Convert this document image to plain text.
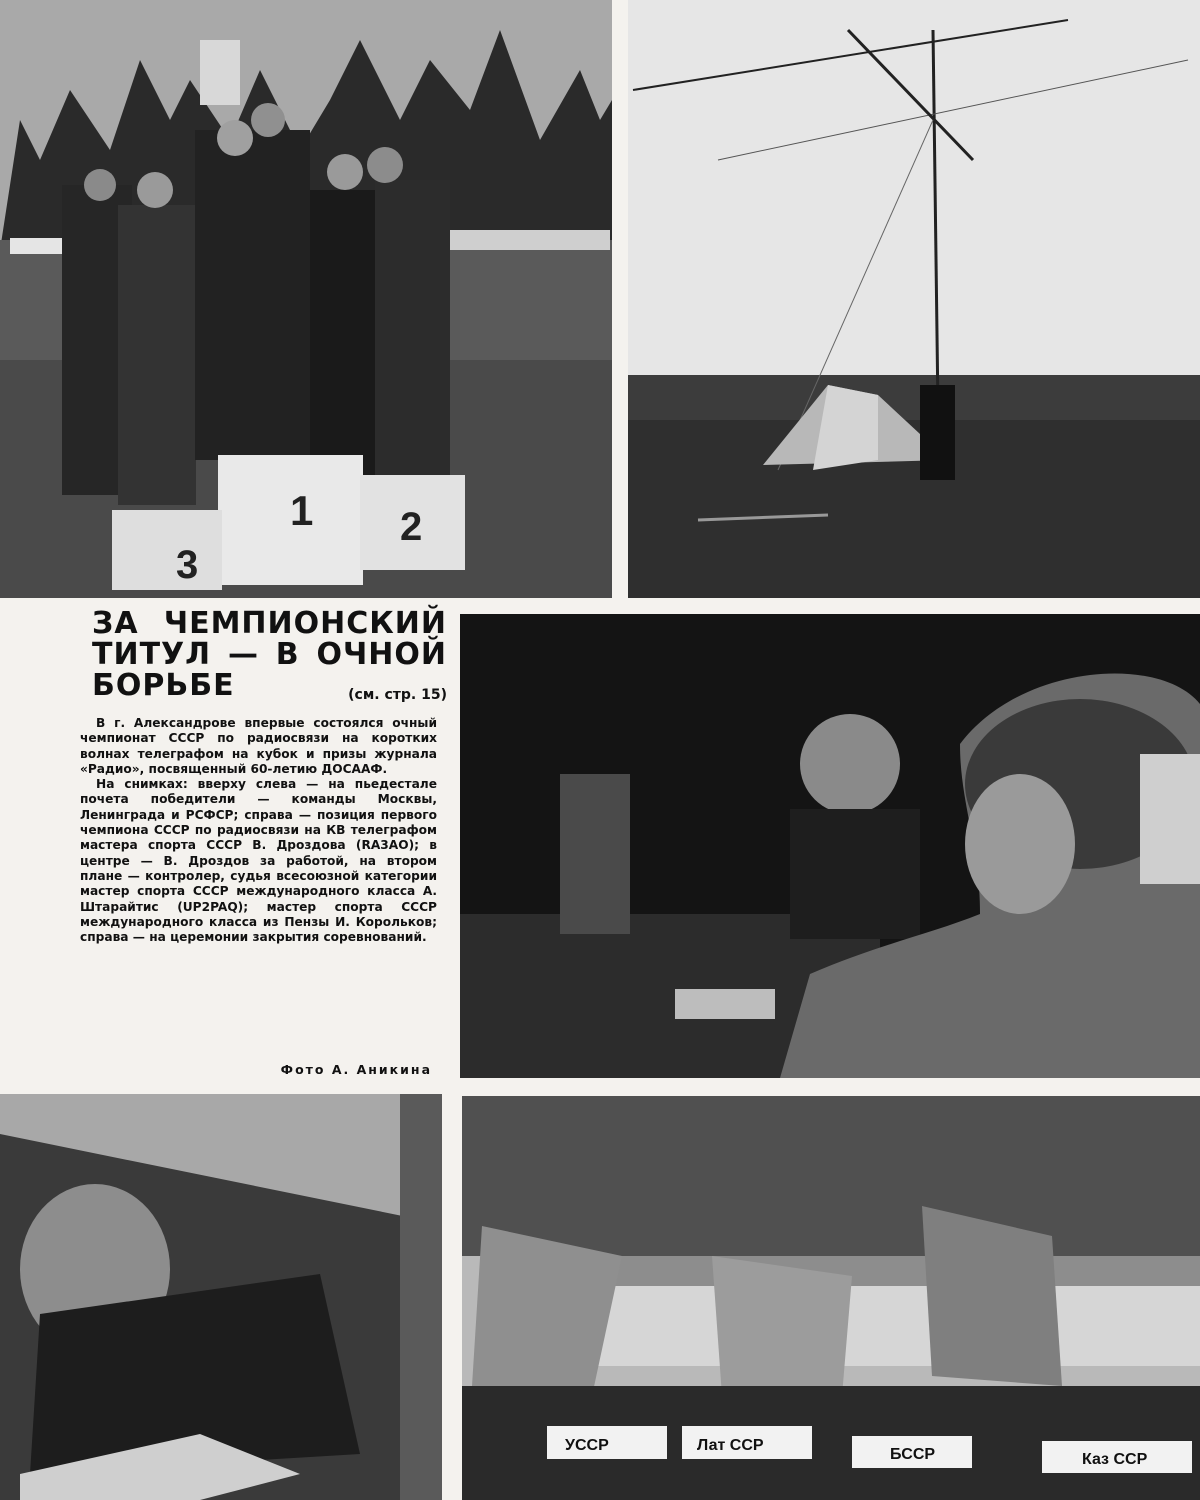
1 2
3
ЗА ЧЕМПИОНСКИЙ
ТИТУЛ — В ОЧНОЙ
БОРЬБЕ	(см. стр. 15)

В г. Александрове впервые состоялся очный чемпионат СССР по радиосвязи на коротких волнах телеграфом на кубок и призы журнала «Радио», посвященный 60-летию ДОСААФ.

На снимках: вверху слева — на пьедестале почета победители — команды Москвы, Ленинграда и РСФСР; справа — позиция первого чемпиона СССР по радиосвязи на КВ телеграфом мастера спорта СССР В. Дроздова (RA3AO); в центре — В. Дроздов за работой, на втором плане — контролер, судья всесоюзной категории мастер спорта СССР международного класса А. Штарайтис (UP2PAQ); мастер спорта СССР международного класса из Пензы И. Корольков; справа — на церемонии закрытия соревнований.

Фото А. Аникина
УССР	Лат ССР
БССР	Каз ССР
